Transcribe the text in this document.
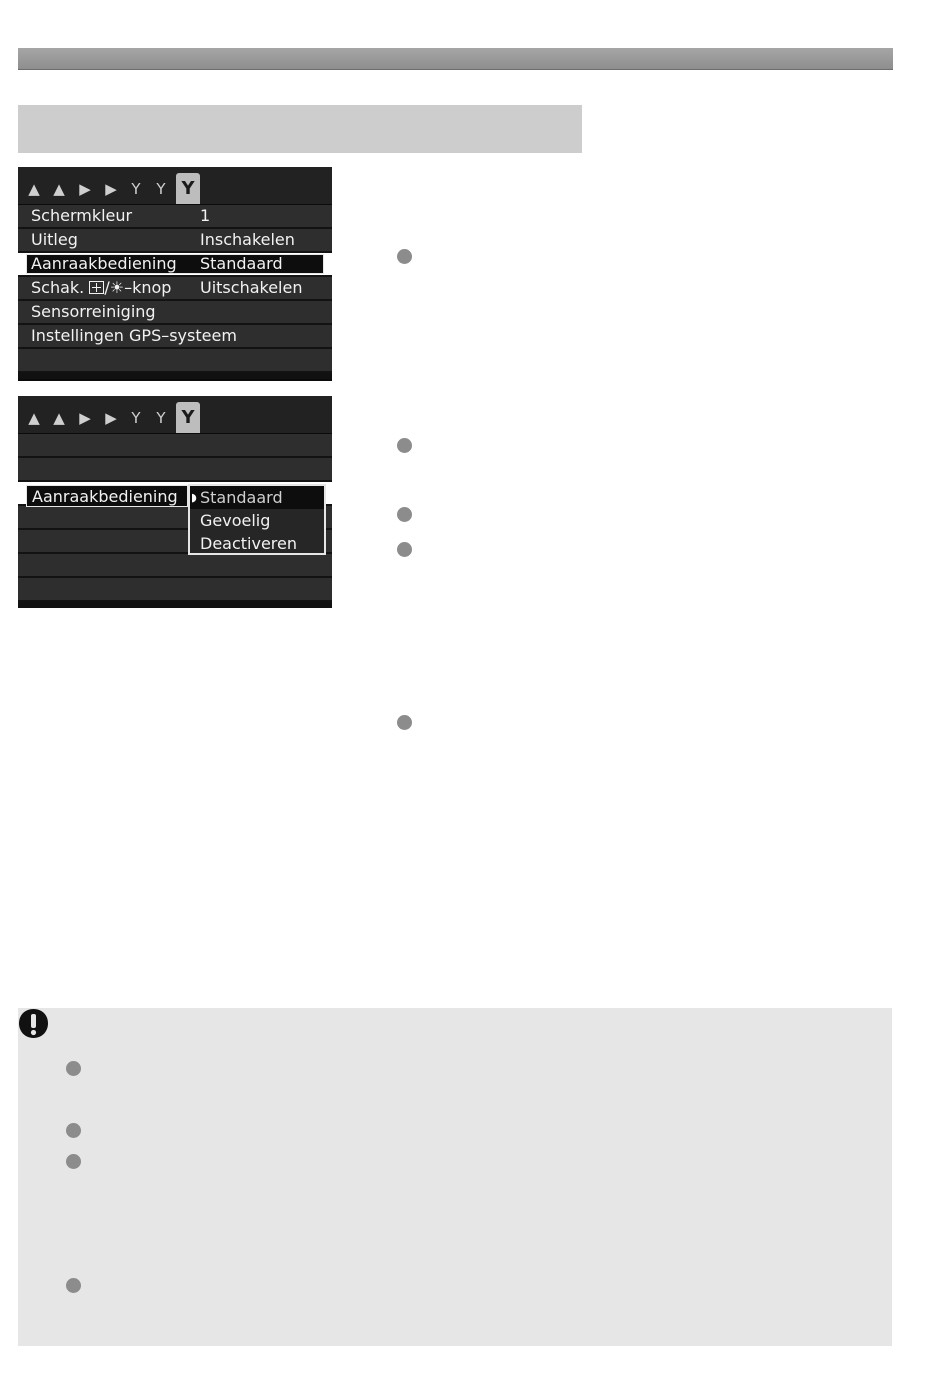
▲ ▲ ▶ ▶ Y	Y Y
Schermkleur	1
Uitleg	Inschakelen
Aanraakbediening Standaard
Schak. /☀–knop Uitschakelen
Sensorreiniging
Instellingen GPS–systeem
▲ ▲ ▶ ▶ Y	Y Y
Aanraakbediening ◗ Standaard
Gevoelig
Deactiveren
